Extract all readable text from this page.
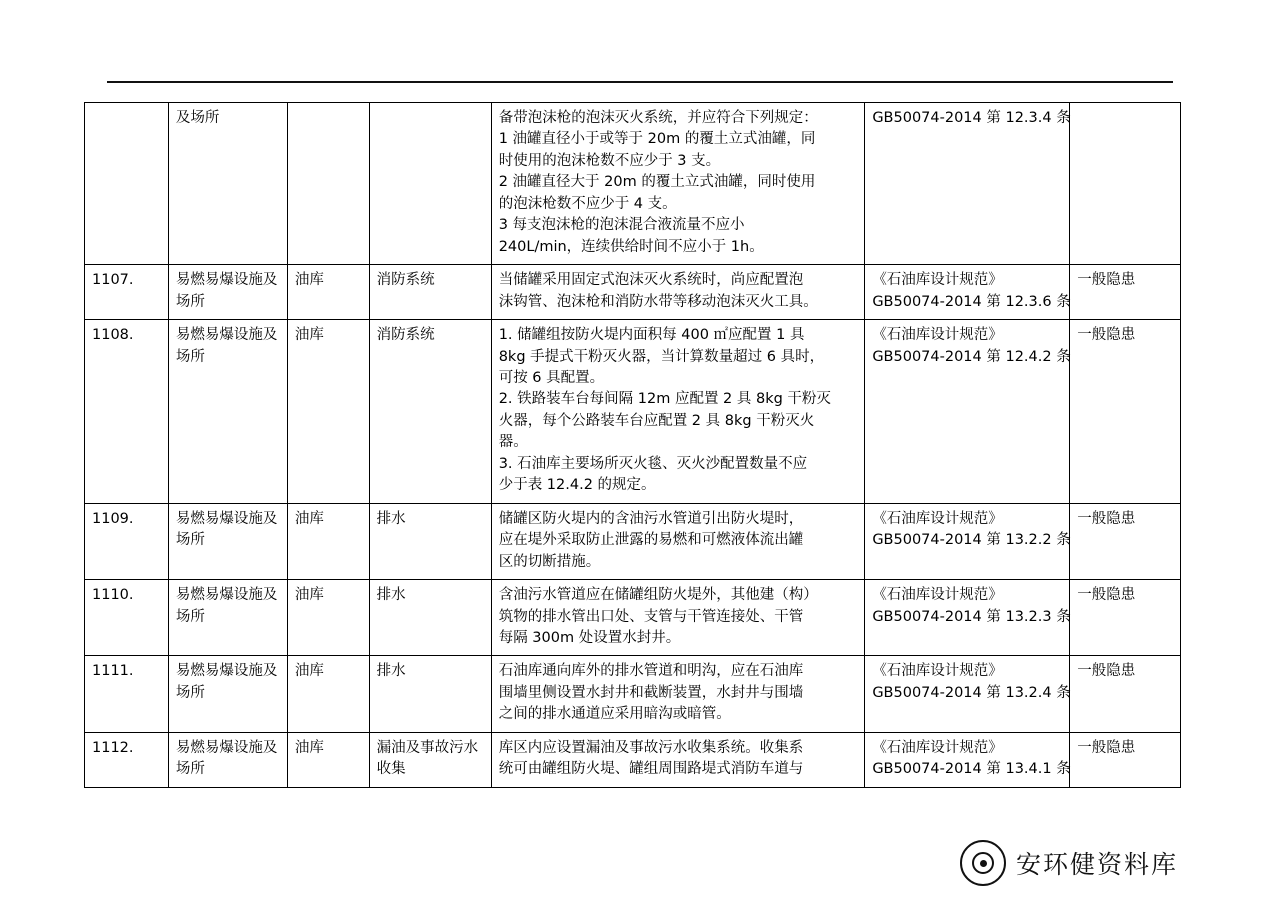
及场所			备带泡沫枪的泡沫灭火系统，并应符合下列规定：
1 油罐直径小于或等于 20m 的覆土立式油罐，同
时使用的泡沫枪数不应少于 3 支。
2 油罐直径大于 20m 的覆土立式油罐，同时使用
的泡沫枪数不应少于 4 支。
3 每支泡沫枪的泡沫混合液流量不应小
240L/min，连续供给时间不应小于 1h。

GB50074-2014 第 12.3.4 条

1107.	易燃易爆设施及场所	油库	消防系统	当储罐采用固定式泡沫灭火系统时，尚应配置泡
沫钩管、泡沫枪和消防水带等移动泡沫灭火工具。	《石油库设计规范》
GB50074-2014 第 12.3.6 条	一般隐患
1108.	易燃易爆设施及场所	油库	消防系统	1. 储罐组按防火堤内面积每 400 ㎡应配置 1 具
8kg 手提式干粉灭火器，当计算数量超过 6 具时，
可按 6 具配置。
2. 铁路装车台每间隔 12m 应配置 2 具 8kg 干粉灭
火器，每个公路装车台应配置 2 具 8kg 干粉灭火
器。
3. 石油库主要场所灭火毯、灭火沙配置数量不应
少于表 12.4.2 的规定。

《石油库设计规范》
GB50074-2014 第 12.4.2 条
	一般隐患
1109.	易燃易爆设施及场所	油库	排水	储罐区防火堤内的含油污水管道引出防火堤时，
应在堤外采取防止泄露的易燃和可燃液体流出罐
区的切断措施。	《石油库设计规范》
GB50074-2014 第 13.2.2 条	一般隐患
1110.	易燃易爆设施及场所	油库	排水	含油污水管道应在储罐组防火堤外，其他建（构）
筑物的排水管出口处、支管与干管连接处、干管
每隔 300m 处设置水封井。	《石油库设计规范》
GB50074-2014 第 13.2.3 条	一般隐患
1111.	易燃易爆设施及场所	油库	排水	石油库通向库外的排水管道和明沟，应在石油库
围墙里侧设置水封井和截断装置，水封井与围墙
之间的排水通道应采用暗沟或暗管。	《石油库设计规范》
GB50074-2014 第 13.2.4 条	一般隐患
1112.	易燃易爆设施及场所	油库	漏油及事故污水收集	库区内应设置漏油及事故污水收集系统。收集系
统可由罐组防火堤、罐组周围路堤式消防车道与	《石油库设计规范》
GB50074-2014 第 13.4.1 条	一般隐患
安环健资料库
